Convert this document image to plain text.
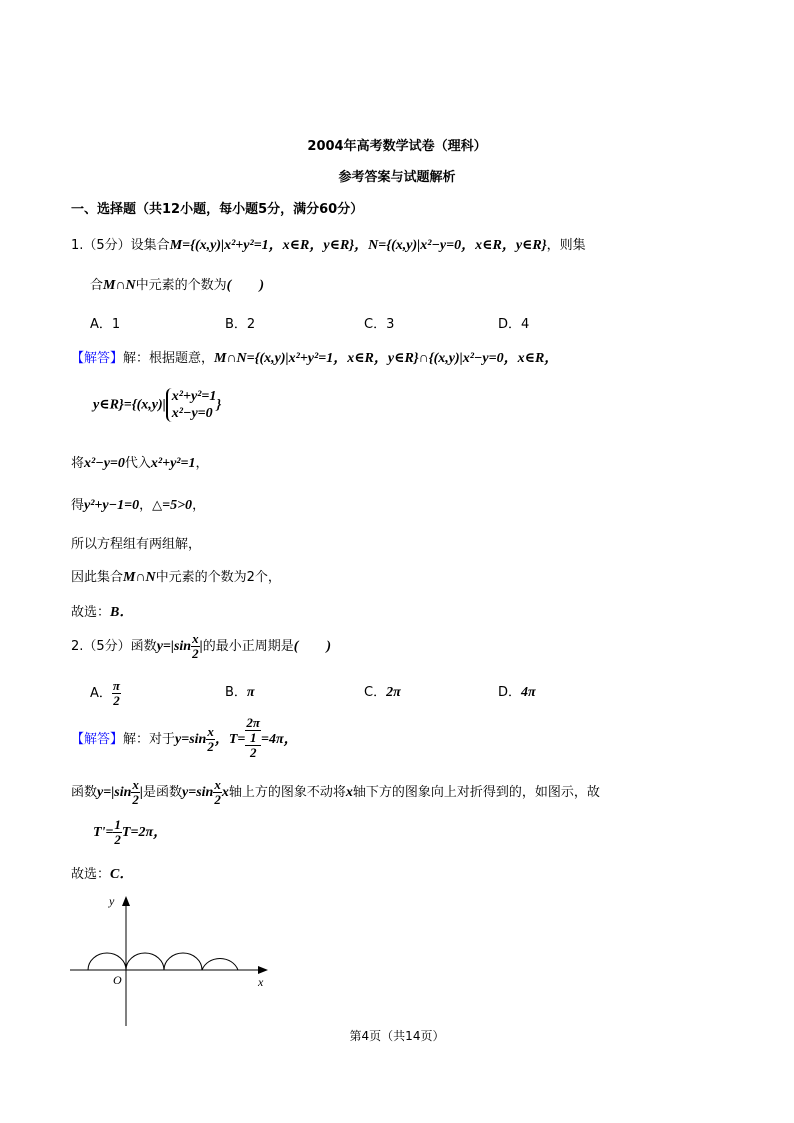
2004年高考数学试卷（理科）
参考答案与试题解析
一、选择题（共12小题，每小题5分，满分60分）
1.（5分）设集合M={(x,y)|x²+y²=1，x∈R，y∈R}，N={(x,y)|x²−y=0，x∈R，y∈R}，则集
合M∩N中元素的个数为(　　)
A．1	B．2	C．3	D．4
【解答】解：根据题意，M∩N={(x,y)|x²+y²=1，x∈R，y∈R}∩{(x,y)|x²−y=0，x∈R，
y∈R}={(x,y)|
x²+y²=1
x²−y=0
}
将x²−y=0代入x²+y²=1，
得y²+y−1=0，△=5>0，
所以方程组有两组解，
因此集合M∩N中元素的个数为2个，
故选：B．
2.（5分）函数$y=|\sin \frac{x}{2}$ |的最小正周期是(　　)
A． $\frac{\pi}{2}$	B．π	C．2π	D．4π
【解答】解：对于$y=\sin \frac{x}{2}$ ，T= 2π
1
2 =4π，
函数$y=|\sin \frac{x}{2}$ |是函数$y=\sin \frac{x}{2}$ x轴上方的图象不动将x轴下方的图象向上对折得到的，如图示，故
$T'= \frac{1}{2} T=2\pi$，
故选：C．
y
x
O
第4页（共14页）
